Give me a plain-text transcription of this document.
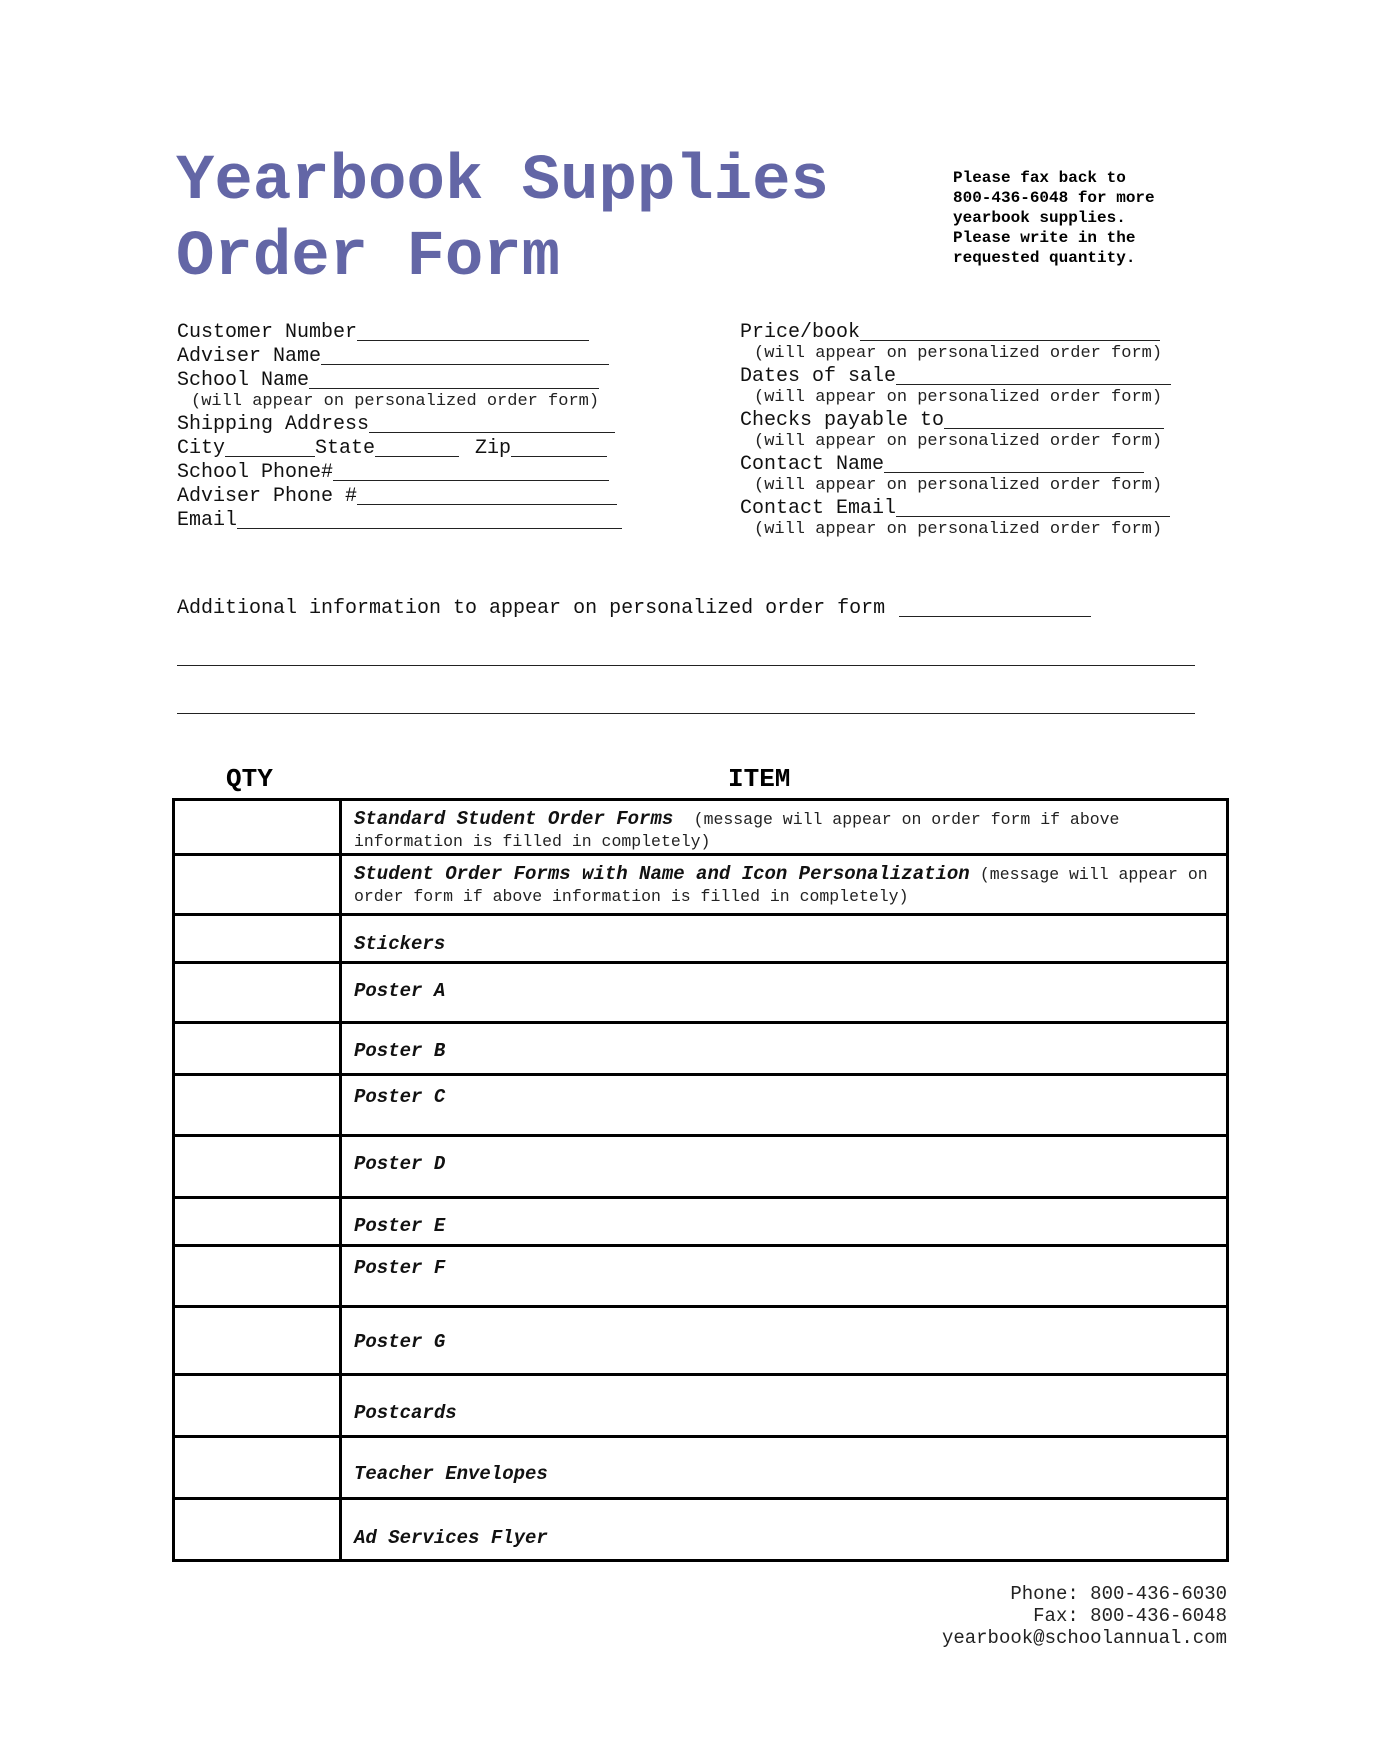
Yearbook Supplies
Order Form
Please fax back to
800-436-6048 for more
yearbook supplies.
Please write in the
requested quantity.
Customer Number
Adviser Name
School Name
(will appear on personalized order form)
Shipping Address
City	State	Zip
School Phone#
Adviser Phone #
Email
Price/book
(will appear on personalized order form)
Dates of sale
(will appear on personalized order form)
Checks payable to
(will appear on personalized order form)
Contact Name
(will appear on personalized order form)
Contact Email
(will appear on personalized order form)
Additional information to appear on personalized order form
QTY	ITEM
	Standard Student Order Forms (message will appear on order form if above information is filled in completely)
	Student Order Forms with Name and Icon Personalization (message will appear on order form if above information is filled in completely)
	Stickers
	Poster A
	Poster B
	Poster C
	Poster D
	Poster E
	Poster F
	Poster G
	Postcards
	Teacher Envelopes
	Ad Services Flyer
Phone: 800-436-6030
Fax: 800-436-6048
yearbook@schoolannual.com
